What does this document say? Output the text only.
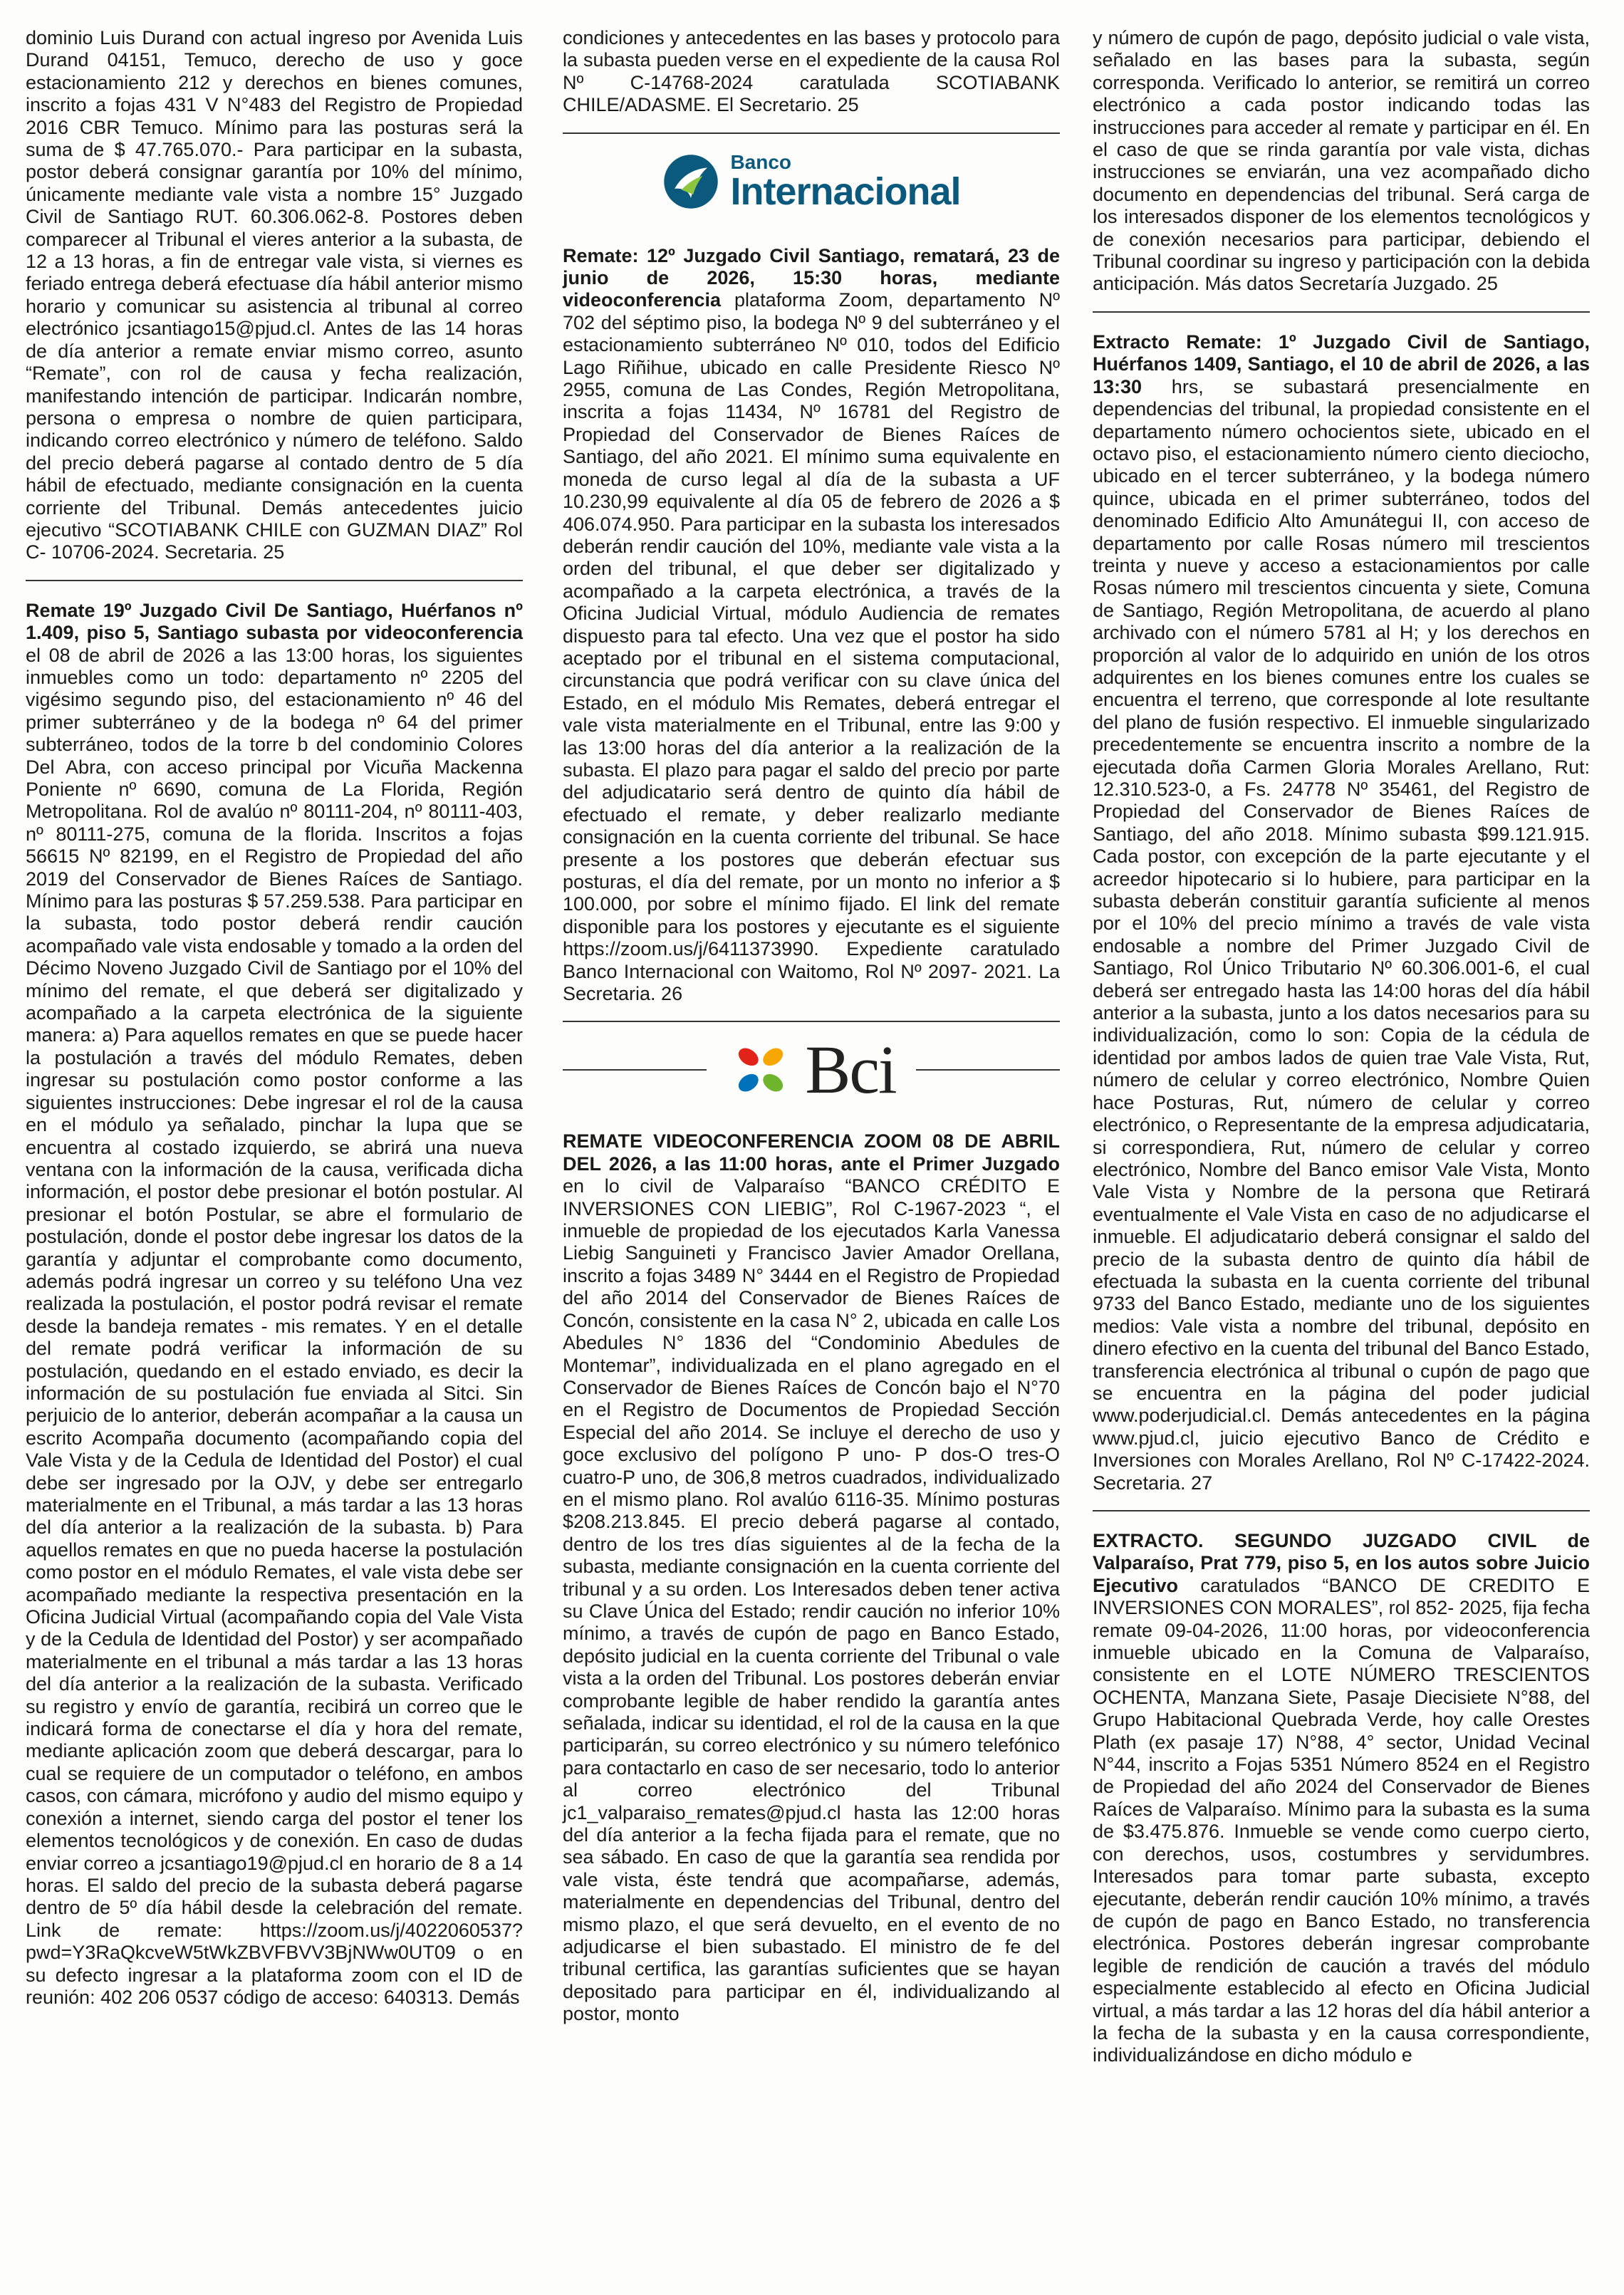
dominio Luis Durand con actual ingreso por Avenida Luis Durand 04151, Temuco, derecho de uso y goce estacionamiento 212 y derechos en bienes comunes, inscrito a fojas 431 V N°483 del Registro de Propiedad 2016 CBR Temuco. Mínimo para las posturas será la suma de $ 47.765.070.- Para participar en la subasta, postor deberá consignar garantía por 10% del mínimo, únicamente mediante vale vista a nombre 15° Juzgado Civil de Santiago RUT. 60.306.062-8. Postores deben comparecer al Tribunal el vieres anterior a la subasta, de 12 a 13 horas, a fin de entregar vale vista, si viernes es feriado entrega deberá efectuase día hábil anterior mismo horario y comunicar su asistencia al tribunal al correo electrónico jcsantiago15@pjud.cl. Antes de las 14 horas de día anterior a remate enviar mismo correo, asunto “Remate”, con rol de causa y fecha realización, manifestando intención de participar. Indicarán nombre, persona o empresa o nombre de quien participara, indicando correo electrónico y número de teléfono. Saldo del precio deberá pagarse al contado dentro de 5 día hábil de efectuado, mediante consignación en la cuenta corriente del Tribunal. Demás antecedentes juicio ejecutivo “SCOTIABANK CHILE con GUZMAN DIAZ” Rol C- 10706-2024. Secretaria. 25

Remate 19º Juzgado Civil De Santiago, Huérfanos nº 1.409, piso 5, Santiago subasta por videoconferencia el 08 de abril de 2026 a las 13:00 horas, los siguientes inmuebles como un todo: departamento nº 2205 del vigésimo segundo piso, del estacionamiento nº 46 del primer subterráneo y de la bodega nº 64 del primer subterráneo, todos de la torre b del condominio Colores Del Abra, con acceso principal por Vicuña Mackenna Poniente nº 6690, comuna de La Florida, Región Metropolitana. Rol de avalúo nº 80111-204, nº 80111-403, nº 80111-275, comuna de la florida. Inscritos a fojas 56615 Nº 82199, en el Registro de Propiedad del año 2019 del Conservador de Bienes Raíces de Santiago. Mínimo para las posturas $ 57.259.538. Para participar en la subasta, todo postor deberá rendir caución acompañado vale vista endosable y tomado a la orden del Décimo Noveno Juzgado Civil de Santiago por el 10% del mínimo del remate, el que deberá ser digitalizado y acompañado a la carpeta electrónica de la siguiente manera: a) Para aquellos remates en que se puede hacer la postulación a través del módulo Remates, deben ingresar su postulación como postor conforme a las siguientes instrucciones: Debe ingresar el rol de la causa en el módulo ya señalado, pinchar la lupa que se encuentra al costado izquierdo, se abrirá una nueva ventana con la información de la causa, verificada dicha información, el postor debe presionar el botón postular. Al presionar el botón Postular, se abre el formulario de postulación, donde el postor debe ingresar los datos de la garantía y adjuntar el comprobante como documento, además podrá ingresar un correo y su teléfono Una vez realizada la postulación, el postor podrá revisar el remate desde la bandeja remates - mis remates. Y en el detalle del remate podrá verificar la información de su postulación, quedando en el estado enviado, es decir la información de su postulación fue enviada al Sitci. Sin perjuicio de lo anterior, deberán acompañar a la causa un escrito Acompaña documento (acompañando copia del Vale Vista y de la Cedula de Identidad del Postor) el cual debe ser ingresado por la OJV, y debe ser entregarlo materialmente en el Tribunal, a más tardar a las 13 horas del día anterior a la realización de la subasta. b) Para aquellos remates en que no pueda hacerse la postulación como postor en el módulo Remates, el vale vista debe ser acompañado mediante la respectiva presentación en la Oficina Judicial Virtual (acompañando copia del Vale Vista y de la Cedula de Identidad del Postor) y ser acompañado materialmente en el tribunal a más tardar a las 13 horas del día anterior a la realización de la subasta. Verificado su registro y envío de garantía, recibirá un correo que le indicará forma de conectarse el día y hora del remate, mediante aplicación zoom que deberá descargar, para lo cual se requiere de un computador o teléfono, en ambos casos, con cámara, micrófono y audio del mismo equipo y conexión a internet, siendo carga del postor el tener los elementos tecnológicos y de conexión. En caso de dudas enviar correo a jcsantiago19@pjud.cl en horario de 8 a 14 horas. El saldo del precio de la subasta deberá pagarse dentro de 5º día hábil desde la celebración del remate. Link de remate: https://zoom.us/j/4022060537?pwd=Y3RaQkcveW5tWkZBVFBVV3BjNWw0UT09 o en su defecto ingresar a la plataforma zoom con el ID de reunión: 402 206 0537 código de acceso: 640313. Demás

condiciones y antecedentes en las bases y protocolo para la subasta pueden verse en el expediente de la causa Rol Nº C-14768-2024 caratulada SCOTIABANK CHILE/ADASME. El Secretario. 25

Banco
Internacional

Remate: 12º Juzgado Civil Santiago, rematará, 23 de junio de 2026, 15:30 horas, mediante videoconferencia plataforma Zoom, departamento Nº 702 del séptimo piso, la bodega Nº 9 del subterráneo y el estacionamiento subterráneo Nº 010, todos del Edificio Lago Riñihue, ubicado en calle Presidente Riesco Nº 2955, comuna de Las Condes, Región Metropolitana, inscrita a fojas 11434, Nº 16781 del Registro de Propiedad del Conservador de Bienes Raíces de Santiago, del año 2021. El mínimo suma equivalente en moneda de curso legal al día de la subasta a UF 10.230,99 equivalente al día 05 de febrero de 2026 a $ 406.074.950. Para participar en la subasta los interesados deberán rendir caución del 10%, mediante vale vista a la orden del tribunal, el que deber ser digitalizado y acompañado a la carpeta electrónica, a través de la Oficina Judicial Virtual, módulo Audiencia de remates dispuesto para tal efecto. Una vez que el postor ha sido aceptado por el tribunal en el sistema computacional, circunstancia que podrá verificar con su clave única del Estado, en el módulo Mis Remates, deberá entregar el vale vista materialmente en el Tribunal, entre las 9:00 y las 13:00 horas del día anterior a la realización de la subasta. El plazo para pagar el saldo del precio por parte del adjudicatario será dentro de quinto día hábil de efectuado el remate, y deber realizarlo mediante consignación en la cuenta corriente del tribunal. Se hace presente a los postores que deberán efectuar sus posturas, el día del remate, por un monto no inferior a $ 100.000, por sobre el mínimo fijado. El link del remate disponible para los postores y ejecutante es el siguiente https://zoom.us/j/6411373990. Expediente caratulado Banco Internacional con Waitomo, Rol Nº 2097- 2021. La Secretaria. 26

Bci

REMATE VIDEOCONFERENCIA ZOOM 08 DE ABRIL DEL 2026, a las 11:00 horas, ante el Primer Juzgado en lo civil de Valparaíso “BANCO CRÉDITO E INVERSIONES CON LIEBIG”, Rol C-1967-2023 “, el inmueble de propiedad de los ejecutados Karla Vanessa Liebig Sanguineti y Francisco Javier Amador Orellana, inscrito a fojas 3489 N° 3444 en el Registro de Propiedad del año 2014 del Conservador de Bienes Raíces de Concón, consistente en la casa N° 2, ubicada en calle Los Abedules N° 1836 del “Condominio Abedules de Montemar”, individualizada en el plano agregado en el Conservador de Bienes Raíces de Concón bajo el N°70 en el Registro de Documentos de Propiedad Sección Especial del año 2014. Se incluye el derecho de uso y goce exclusivo del polígono P uno- P dos-O tres-O cuatro-P uno, de 306,8 metros cuadrados, individualizado en el mismo plano. Rol avalúo 6116-35. Mínimo posturas $208.213.845. El precio deberá pagarse al contado, dentro de los tres días siguientes al de la fecha de la subasta, mediante consignación en la cuenta corriente del tribunal y a su orden. Los Interesados deben tener activa su Clave Única del Estado; rendir caución no inferior 10% mínimo, a través de cupón de pago en Banco Estado, depósito judicial en la cuenta corriente del Tribunal o vale vista a la orden del Tribunal. Los postores deberán enviar comprobante legible de haber rendido la garantía antes señalada, indicar su identidad, el rol de la causa en la que participarán, su correo electrónico y su número telefónico para contactarlo en caso de ser necesario, todo lo anterior al correo electrónico del Tribunal jc1_valparaiso_remates@pjud.cl hasta las 12:00 horas del día anterior a la fecha fijada para el remate, que no sea sábado. En caso de que la garantía sea rendida por vale vista, éste tendrá que acompañarse, además, materialmente en dependencias del Tribunal, dentro del mismo plazo, el que será devuelto, en el evento de no adjudicarse el bien subastado. El ministro de fe del tribunal certifica, las garantías suficientes que se hayan depositado para participar en él, individualizando al postor, monto

y número de cupón de pago, depósito judicial o vale vista, señalado en las bases para la subasta, según corresponda. Verificado lo anterior, se remitirá un correo electrónico a cada postor indicando todas las instrucciones para acceder al remate y participar en él. En el caso de que se rinda garantía por vale vista, dichas instrucciones se enviarán, una vez acompañado dicho documento en dependencias del tribunal. Será carga de los interesados disponer de los elementos tecnológicos y de conexión necesarios para participar, debiendo el Tribunal coordinar su ingreso y participación con la debida anticipación. Más datos Secretaría Juzgado. 25

Extracto Remate: 1º Juzgado Civil de Santiago, Huérfanos 1409, Santiago, el 10 de abril de 2026, a las 13:30 hrs, se subastará presencialmente en dependencias del tribunal, la propiedad consistente en el departamento número ochocientos siete, ubicado en el octavo piso, el estacionamiento número ciento dieciocho, ubicado en el tercer subterráneo, y la bodega número quince, ubicada en el primer subterráneo, todos del denominado Edificio Alto Amunátegui II, con acceso de departamento por calle Rosas número mil trescientos treinta y nueve y acceso a estacionamientos por calle Rosas número mil trescientos cincuenta y siete, Comuna de Santiago, Región Metropolitana, de acuerdo al plano archivado con el número 5781 al H; y los derechos en proporción al valor de lo adquirido en unión de los otros adquirentes en los bienes comunes entre los cuales se encuentra el terreno, que corresponde al lote resultante del plano de fusión respectivo. El inmueble singularizado precedentemente se encuentra inscrito a nombre de la ejecutada doña Carmen Gloria Morales Arellano, Rut: 12.310.523-0, a Fs. 24778 Nº 35461, del Registro de Propiedad del Conservador de Bienes Raíces de Santiago, del año 2018. Mínimo subasta $99.121.915. Cada postor, con excepción de la parte ejecutante y el acreedor hipotecario si lo hubiere, para participar en la subasta deberán constituir garantía suficiente al menos por el 10% del precio mínimo a través de vale vista endosable a nombre del Primer Juzgado Civil de Santiago, Rol Único Tributario Nº 60.306.001-6, el cual deberá ser entregado hasta las 14:00 horas del día hábil anterior a la subasta, junto a los datos necesarios para su individualización, como lo son: Copia de la cédula de identidad por ambos lados de quien trae Vale Vista, Rut, número de celular y correo electrónico, Nombre Quien hace Posturas, Rut, número de celular y correo electrónico, o Representante de la empresa adjudicataria, si correspondiera, Rut, número de celular y correo electrónico, Nombre del Banco emisor Vale Vista, Monto Vale Vista y Nombre de la persona que Retirará eventualmente el Vale Vista en caso de no adjudicarse el inmueble. El adjudicatario deberá consignar el saldo del precio de la subasta dentro de quinto día hábil de efectuada la subasta en la cuenta corriente del tribunal 9733 del Banco Estado, mediante uno de los siguientes medios: Vale vista a nombre del tribunal, depósito en dinero efectivo en la cuenta del tribunal del Banco Estado, transferencia electrónica al tribunal o cupón de pago que se encuentra en la página del poder judicial www.poderjudicial.cl. Demás antecedentes en la página www.pjud.cl, juicio ejecutivo Banco de Crédito e Inversiones con Morales Arellano, Rol Nº C-17422-2024. Secretaria. 27

EXTRACTO. SEGUNDO JUZGADO CIVIL de Valparaíso, Prat 779, piso 5, en los autos sobre Juicio Ejecutivo caratulados “BANCO DE CREDITO E INVERSIONES CON MORALES”, rol 852- 2025, fija fecha remate 09-04-2026, 11:00 horas, por videoconferencia inmueble ubicado en la Comuna de Valparaíso, consistente en el LOTE NÚMERO TRESCIENTOS OCHENTA, Manzana Siete, Pasaje Diecisiete N°88, del Grupo Habitacional Quebrada Verde, hoy calle Orestes Plath (ex pasaje 17) N°88, 4° sector, Unidad Vecinal N°44, inscrito a Fojas 5351 Número 8524 en el Registro de Propiedad del año 2024 del Conservador de Bienes Raíces de Valparaíso. Mínimo para la subasta es la suma de $3.475.876. Inmueble se vende como cuerpo cierto, con derechos, usos, costumbres y servidumbres. Interesados para tomar parte subasta, excepto ejecutante, deberán rendir caución 10% mínimo, a través de cupón de pago en Banco Estado, no transferencia electrónica. Postores deberán ingresar comprobante legible de rendición de caución a través del módulo especialmente establecido al efecto en Oficina Judicial virtual, a más tardar a las 12 horas del día hábil anterior a la fecha de la subasta y en la causa correspondiente, individualizándose en dicho módulo e
